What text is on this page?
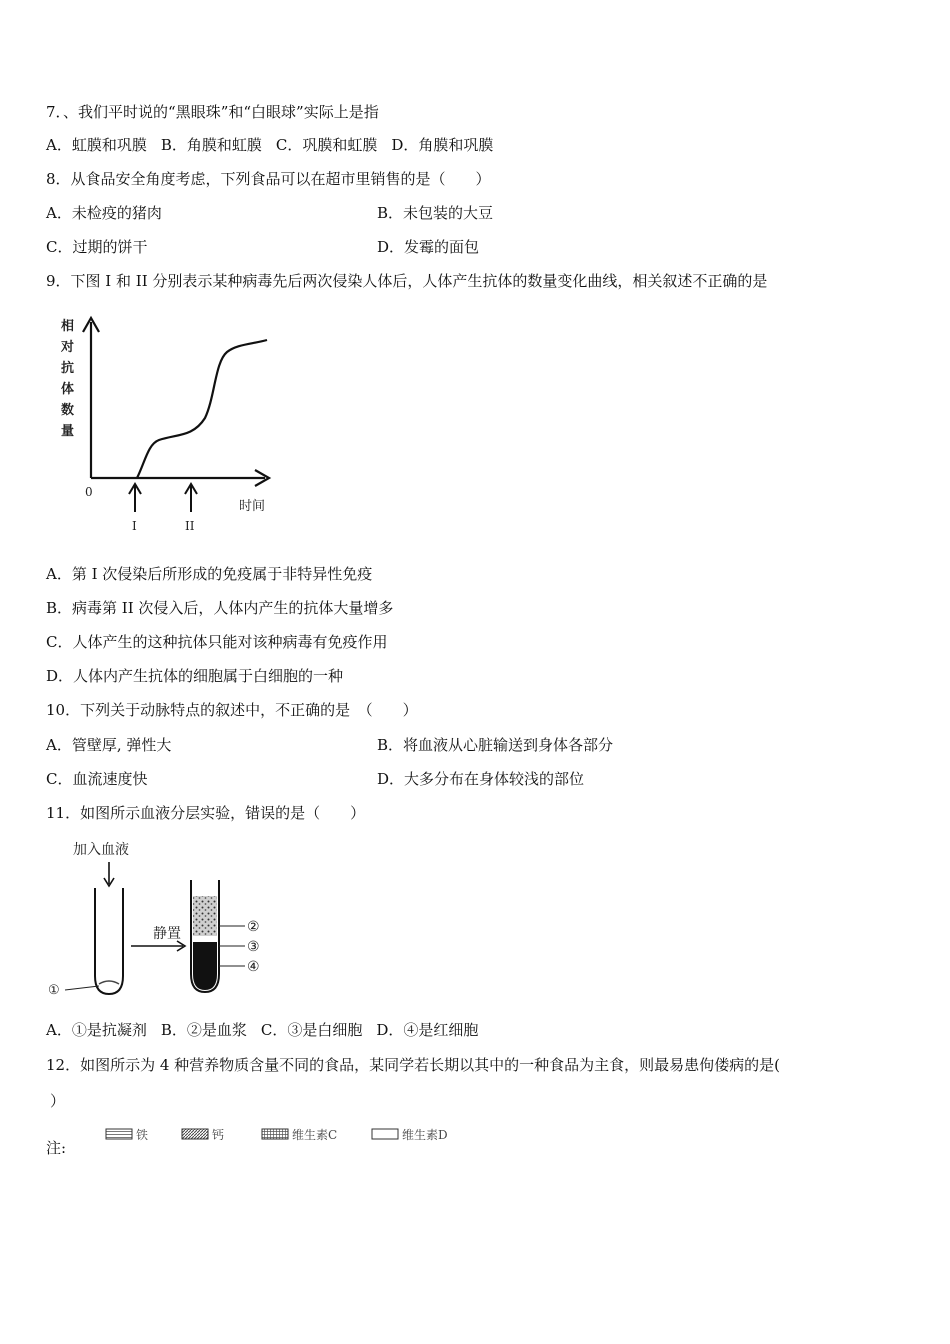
7．、我们平时说的“黑眼珠”和“白眼球”实际上是指
A．虹膜和巩膜 B．角膜和虹膜 C．巩膜和虹膜 D．角膜和巩膜
8．从食品安全角度考虑，下列食品可以在超市里销售的是（　　）
A．未检疫的猪肉	B．未包装的大豆
C．过期的饼干	D．发霉的面包
9．下图 I 和 II 分别表示某种病毒先后两次侵染人体后，人体产生抗体的数量变化曲线，相关叙述不正确的是
相
对
抗
体
数
量
0
时间
I	II
A．第 I 次侵染后所形成的免疫属于非特异性免疫
B．病毒第 II 次侵入后，人体内产生的抗体大量增多
C．人体产生的这种抗体只能对该种病毒有免疫作用
D．人体内产生抗体的细胞属于白细胞的一种
10．下列关于动脉特点的叙述中，不正确的是　（　　）
A．管壁厚, 弹性大	B．将血液从心脏输送到身体各部分
C．血流速度快	D．大多分布在身体较浅的部位
11．如图所示血液分层实验，错误的是（　　）
加入血液
①
静置	②
③
④
A．①是抗凝剂 B．②是血浆 C．③是白细胞 D．④是红细胞
12．如图所示为 4 种营养物质含量不同的食品，某同学若长期以其中的一种食品为主食，则最易患佝偻病的是(
）
注:
铁	钙	维生素C	维生素D
